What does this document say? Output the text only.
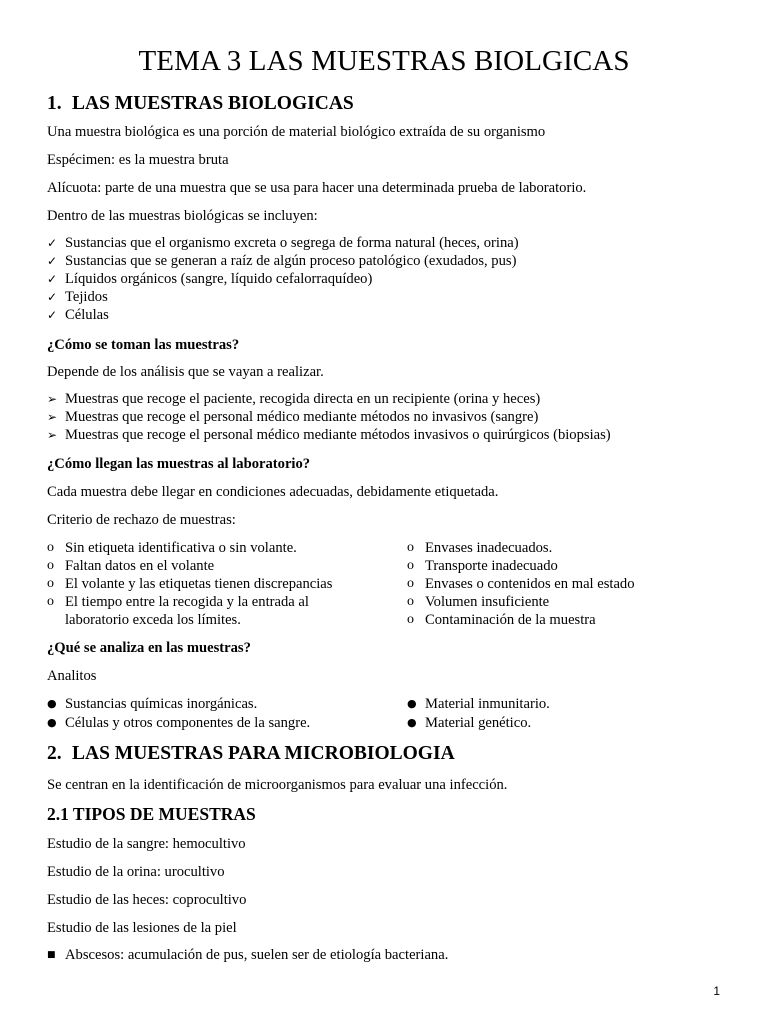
TEMA 3 LAS MUESTRAS BIOLGICAS
1. LAS MUESTRAS BIOLOGICAS
Una muestra biológica es una porción de material biológico extraída de su organismo
Espécimen: es la muestra bruta
Alícuota: parte de una muestra que se usa para hacer una determinada prueba de laboratorio.
Dentro de las muestras biológicas se incluyen:
✓ Sustancias que el organismo excreta o segrega de forma natural (heces, orina)
✓ Sustancias que se generan a raíz de algún proceso patológico (exudados, pus)
✓ Líquidos orgánicos (sangre, líquido cefalorraquídeo)
✓ Tejidos
✓ Células
¿Cómo se toman las muestras?
Depende de los análisis que se vayan a realizar.
➢ Muestras que recoge el paciente, recogida directa en un recipiente (orina y heces)
➢ Muestras que recoge el personal médico mediante métodos no invasivos (sangre)
➢ Muestras que recoge el personal médico mediante métodos invasivos o quirúrgicos (biopsias)
¿Cómo llegan las muestras al laboratorio?
Cada muestra debe llegar en condiciones adecuadas, debidamente etiquetada.
Criterio de rechazo de muestras:
o Sin etiqueta identificativa o sin volante.
o Faltan datos en el volante
o El volante y las etiquetas tienen discrepancias
o El tiempo entre la recogida y la entrada al laboratorio exceda los límites.
o Envases inadecuados.
o Transporte inadecuado
o Envases o contenidos en mal estado
o Volumen insuficiente
o Contaminación de la muestra
¿Qué se analiza en las muestras?
Analitos
● Sustancias químicas inorgánicas.
● Células y otros componentes de la sangre.
● Material inmunitario.
● Material genético.
2. LAS MUESTRAS PARA MICROBIOLOGIA
Se centran en la identificación de microorganismos para evaluar una infección.
2.1 TIPOS DE MUESTRAS
Estudio de la sangre: hemocultivo
Estudio de la orina: urocultivo
Estudio de las heces: coprocultivo
Estudio de las lesiones de la piel
■ Abscesos: acumulación de pus, suelen ser de etiología bacteriana.
1
